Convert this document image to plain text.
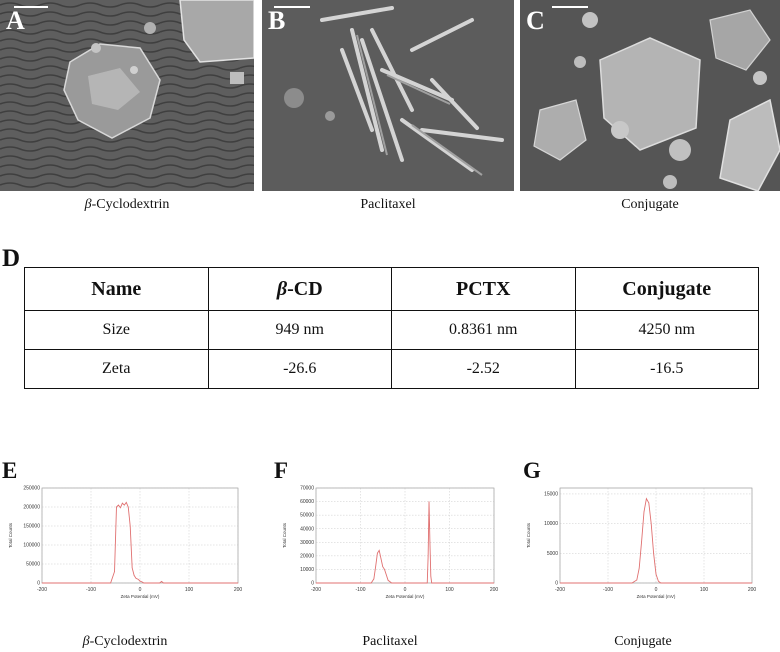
A	B	C
β-Cyclodextrin	Paclitaxel	Conjugate
D
Name	β-CD	PCTX	Conjugate
Size	949 nm	0.8361 nm	4250 nm
Zeta	-26.6	-2.52	-16.5
E	F	G
0
50000
100000
150000
200000
250000
-200	-100	0	100	200
Zeta Potential (mV)
Total Counts
0
10000
20000
30000
40000
50000
60000
70000
-200	-100	0	100	200
Zeta Potential (mV)
Total Counts
0
5000
10000
15000
-200	-100	0	100	200
Zeta Potential (mV)
Total Counts
β-Cyclodextrin	Paclitaxel	Conjugate
